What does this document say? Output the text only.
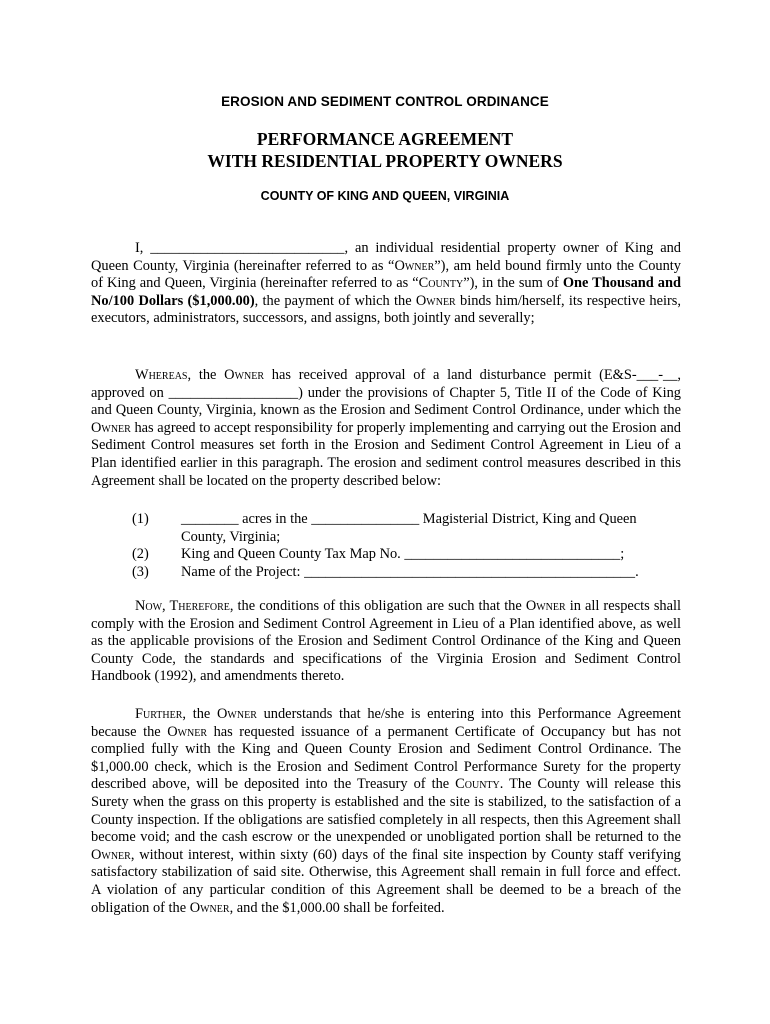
EROSION AND SEDIMENT CONTROL ORDINANCE
PERFORMANCE AGREEMENT
WITH RESIDENTIAL PROPERTY OWNERS
COUNTY OF KING AND QUEEN, VIRGINIA
I, ___________________________, an individual residential property owner of King and Queen County, Virginia (hereinafter referred to as “Owner”), am held bound firmly unto the County of King and Queen, Virginia (hereinafter referred to as “County”), in the sum of One Thousand and No/100 Dollars ($1,000.00), the payment of which the Owner binds him/herself, its respective heirs, executors, administrators, successors, and assigns, both jointly and severally;
Whereas, the Owner has received approval of a land disturbance permit (E&S-___-__, approved on __________________) under the provisions of Chapter 5, Title II of the Code of King and Queen County, Virginia, known as the Erosion and Sediment Control Ordinance, under which the Owner has agreed to accept responsibility for properly implementing and carrying out the Erosion and Sediment Control measures set forth in the Erosion and Sediment Control Agreement in Lieu of a Plan identified earlier in this paragraph. The erosion and sediment control measures described in this Agreement shall be located on the property described below:
(1) ________ acres in the _______________ Magisterial District, King and Queen County, Virginia;
(2) King and Queen County Tax Map No. ______________________________;
(3) Name of the Project: ______________________________________________.
Now, Therefore, the conditions of this obligation are such that the Owner in all respects shall comply with the Erosion and Sediment Control Agreement in Lieu of a Plan identified above, as well as the applicable provisions of the Erosion and Sediment Control Ordinance of the King and Queen County Code, the standards and specifications of the Virginia Erosion and Sediment Control Handbook (1992), and amendments thereto.
Further, the Owner understands that he/she is entering into this Performance Agreement because the Owner has requested issuance of a permanent Certificate of Occupancy but has not complied fully with the King and Queen County Erosion and Sediment Control Ordinance. The $1,000.00 check, which is the Erosion and Sediment Control Performance Surety for the property described above, will be deposited into the Treasury of the County. The County will release this Surety when the grass on this property is established and the site is stabilized, to the satisfaction of a County inspection. If the obligations are satisfied completely in all respects, then this Agreement shall become void; and the cash escrow or the unexpended or unobligated portion shall be returned to the Owner, without interest, within sixty (60) days of the final site inspection by County staff verifying satisfactory stabilization of said site. Otherwise, this Agreement shall remain in full force and effect. A violation of any particular condition of this Agreement shall be deemed to be a breach of the obligation of the Owner, and the $1,000.00 shall be forfeited.
